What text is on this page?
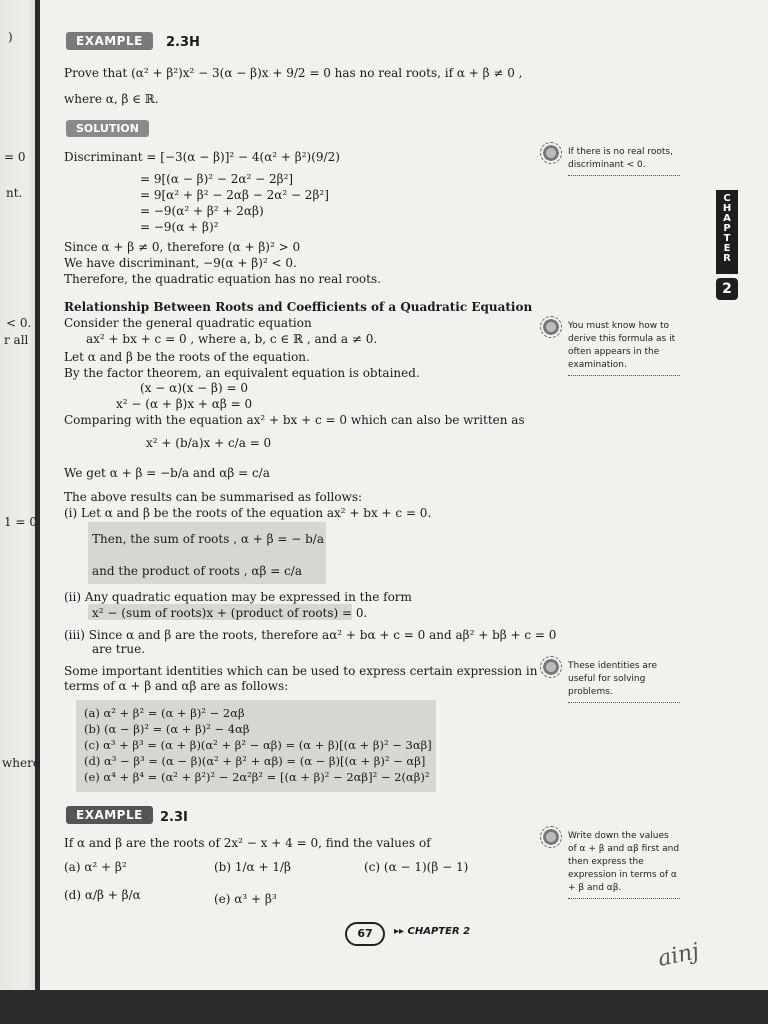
)
= 0
nt.
< 0.
r all
1 = 0
where
EXAMPLE	2.3H
Prove that (α² + β²)x² − 3(α − β)x + 9/2 = 0 has no real roots, if α + β ≠ 0 ,
where α, β ∈ ℝ.
SOLUTION
Discriminant = [−3(α − β)]² − 4(α² + β²)(9/2)
= 9[(α − β)² − 2α² − 2β²]
= 9[α² + β² − 2αβ − 2α² − 2β²]
= −9(α² + β² + 2αβ)
= −9(α + β)²
Since α + β ≠ 0, therefore (α + β)² > 0
We have discriminant, −9(α + β)² < 0.
Therefore, the quadratic equation has no real roots.
Relationship Between Roots and Coefficients of a Quadratic Equation
Consider the general quadratic equation
ax² + bx + c = 0 , where a, b, c ∈ ℝ , and a ≠ 0.
Let α and β be the roots of the equation.
By the factor theorem, an equivalent equation is obtained.
(x − α)(x − β) = 0
x² − (α + β)x + αβ = 0
Comparing with the equation ax² + bx + c = 0 which can also be written as
x² + (b/a)x + c/a = 0
We get α + β = −b/a and αβ = c/a
The above results can be summarised as follows:
(i) Let α and β be the roots of the equation ax² + bx + c = 0.
Then, the sum of roots , α + β = − b/a
and the product of roots , αβ = c/a
(ii) Any quadratic equation may be expressed in the form
x² − (sum of roots)x + (product of roots) = 0.
(iii) Since α and β are the roots, therefore aα² + bα + c = 0 and aβ² + bβ + c = 0
are true.
Some important identities which can be used to express certain expression in
terms of α + β and αβ are as follows:
(a) α² + β² = (α + β)² − 2αβ
(b) (α − β)² = (α + β)² − 4αβ
(c) α³ + β³ = (α + β)(α² + β² − αβ) = (α + β)[(α + β)² − 3αβ]
(d) α³ − β³ = (α − β)(α² + β² + αβ) = (α − β)[(α + β)² − αβ]
(e) α⁴ + β⁴ = (α² + β²)² − 2α²β² = [(α + β)² − 2αβ]² − 2(αβ)²
EXAMPLE	2.3I
If α and β are the roots of 2x² − x + 4 = 0, find the values of
(a) α² + β²	(b) 1/α + 1/β	(c) (α − 1)(β − 1)
(d) α/β + β/α	(e) α³ + β³
If there is no real roots, discriminant < 0.
You must know how to derive this formula as it often appears in the examination.
These identities are useful for solving problems.
Write down the values of α + β and αβ first and then express the expression in terms of α + β and αβ.
CHAPTER
2
67	▸▸ CHAPTER 2
ainj
